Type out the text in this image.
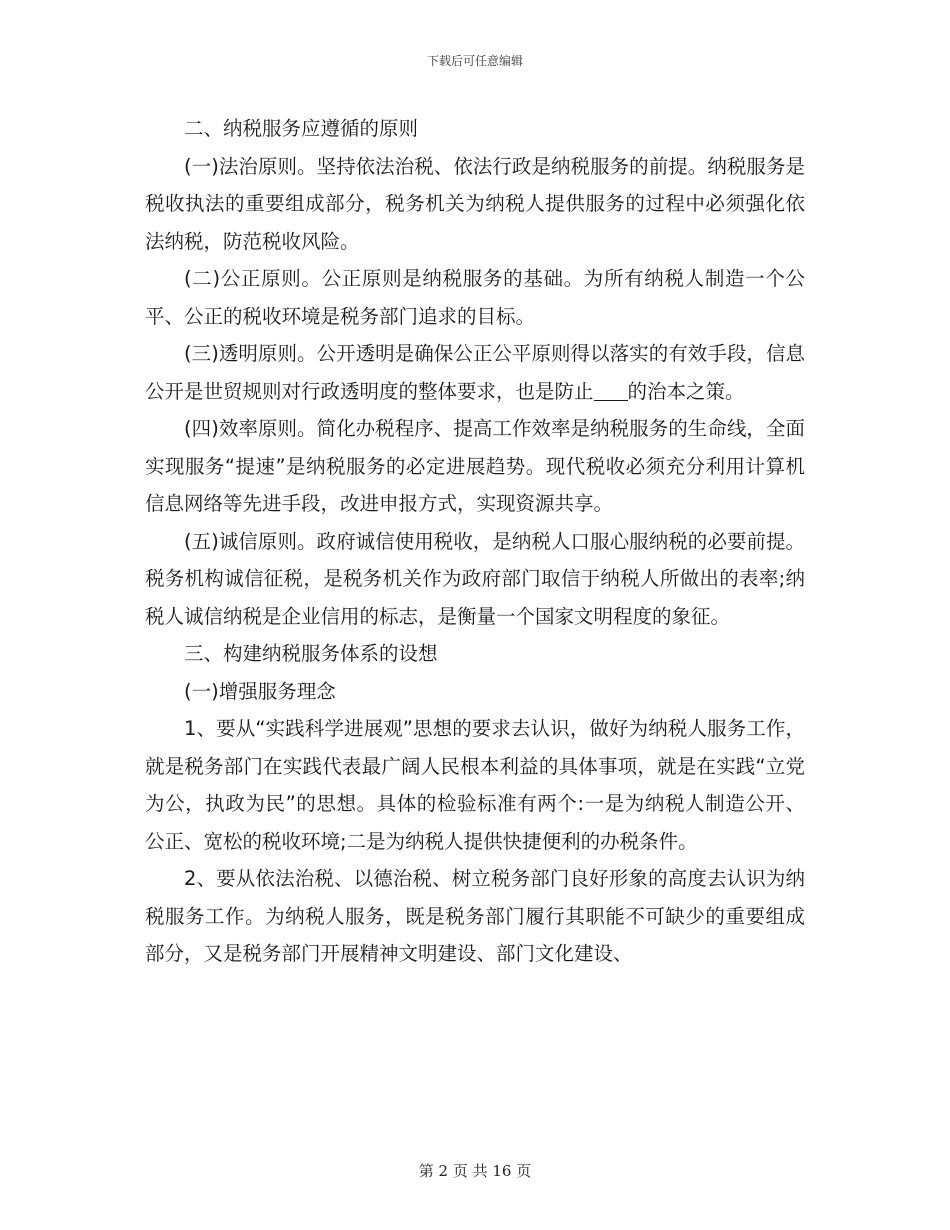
下载后可任意编辑

二、纳税服务应遵循的原则

(一)法治原则。坚持依法治税、依法行政是纳税服务的前提。纳税服务是税收执法的重要组成部分，税务机关为纳税人提供服务的过程中必须强化依法纳税，防范税收风险。

(二)公正原则。公正原则是纳税服务的基础。为所有纳税人制造一个公平、公正的税收环境是税务部门追求的目标。

(三)透明原则。公开透明是确保公正公平原则得以落实的有效手段，信息公开是世贸规则对行政透明度的整体要求，也是防止 的治本之策。

(四)效率原则。简化办税程序、提高工作效率是纳税服务的生命线，全面实现服务“提速”是纳税服务的必定进展趋势。现代税收必须充分利用计算机信息网络等先进手段，改进申报方式，实现资源共享。

(五)诚信原则。政府诚信使用税收，是纳税人口服心服纳税的必要前提。税务机构诚信征税，是税务机关作为政府部门取信于纳税人所做出的表率;纳税人诚信纳税是企业信用的标志，是衡量一个国家文明程度的象征。

三、构建纳税服务体系的设想

(一)增强服务理念

1、要从“实践科学进展观”思想的要求去认识，做好为纳税人服务工作，就是税务部门在实践代表最广阔人民根本利益的具体事项，就是在实践“立党为公，执政为民”的思想。具体的检验标准有两个:一是为纳税人制造公开、公正、宽松的税收环境;二是为纳税人提供快捷便利的办税条件。

2、要从依法治税、以德治税、树立税务部门良好形象的高度去认识为纳税服务工作。为纳税人服务，既是税务部门履行其职能不可缺少的重要组成部分，又是税务部门开展精神文明建设、部门文化建设、

第 2 页 共 16 页
